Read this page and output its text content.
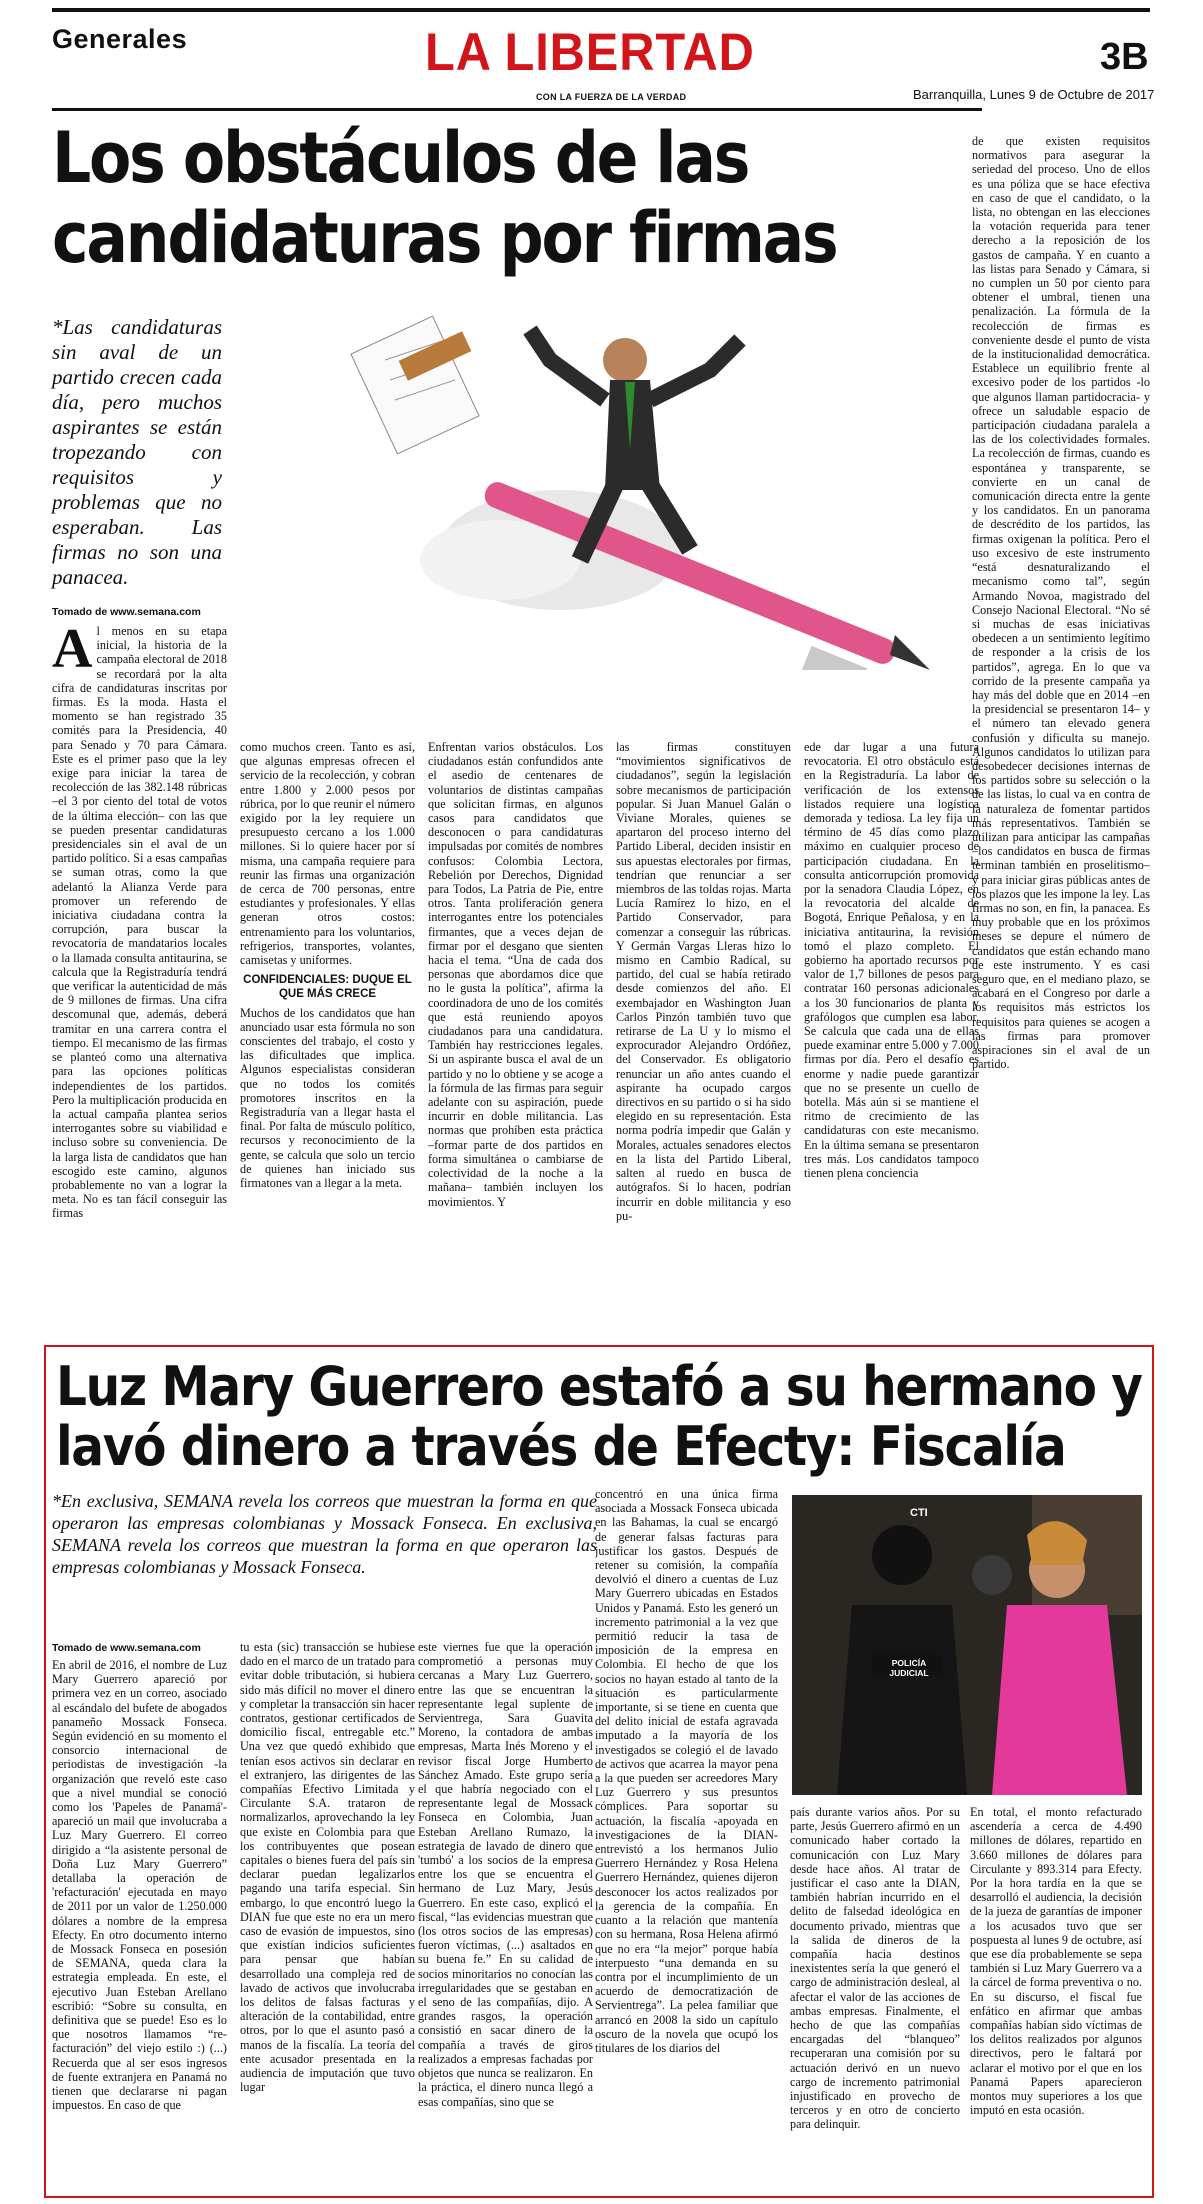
Generales	LA LIBERTAD
CON LA FUERZA DE LA VERDAD
3B
Barranquilla, Lunes 9 de Octubre de 2017
Los obstáculos de las
candidaturas por firmas
*Las candidaturas sin aval de un partido crecen cada día, pero muchos aspirantes se están tropezando con requisitos y problemas que no esperaban. Las firmas no son una panacea.
Tomado de www.semana.com
Al menos en su etapa inicial, la historia de la campaña electoral de 2018 se recordará por la alta cifra de candidaturas inscritas por firmas. Es la moda. Hasta el momento se han registrado 35 comités para la Presidencia, 40 para Senado y 70 para Cámara. Este es el primer paso que la ley exige para iniciar la tarea de recolección de las 382.148 rúbricas –el 3 por ciento del total de votos de la última elección– con las que se pueden presentar candidaturas presidenciales sin el aval de un partido político. Si a esas campañas se suman otras, como la que adelantó la Alianza Verde para promover un referendo de iniciativa ciudadana contra la corrupción, para buscar la revocatoria de mandatarios locales o la llamada consulta antitaurina, se calcula que la Registraduría tendrá que verificar la autenticidad de más de 9 millones de firmas. Una cifra descomunal que, además, deberá tramitar en una carrera contra el tiempo. El mecanismo de las firmas se planteó como una alternativa para las opciones políticas independientes de los partidos. Pero la multiplicación producida en la actual campaña plantea serios interrogantes sobre su viabilidad e incluso sobre su conveniencia. De la larga lista de candidatos que han escogido este camino, algunos probablemente no van a lograr la meta. No es tan fácil conseguir las firmas

como muchos creen. Tanto es así, que algunas empresas ofrecen el servicio de la recolección, y cobran entre 1.800 y 2.000 pesos por rúbrica, por lo que reunir el número exigido por la ley requiere un presupuesto cercano a los 1.000 millones. Si lo quiere hacer por sí misma, una campaña requiere para reunir las firmas una organización de cerca de 700 personas, entre estudiantes y profesionales. Y ellas generan otros costos: entrenamiento para los voluntarios, refrigerios, transportes, volantes, camisetas y uniformes.

CONFIDENCIALES: DUQUE EL QUE MÁS CRECE

Muchos de los candidatos que han anunciado usar esta fórmula no son conscientes del trabajo, el costo y las dificultades que implica. Algunos especialistas consideran que no todos los comités promotores inscritos en la Registraduría van a llegar hasta el final. Por falta de músculo político, recursos y reconocimiento de la gente, se calcula que solo un tercio de quienes han iniciado sus firmatones van a llegar a la meta.

Enfrentan varios obstáculos. Los ciudadanos están confundidos ante el asedio de centenares de voluntarios de distintas campañas que solicitan firmas, en algunos casos para candidatos que desconocen o para candidaturas impulsadas por comités de nombres confusos: Colombia Lectora, Rebelión por Derechos, Dignidad para Todos, La Patria de Pie, entre otros. Tanta proliferación genera interrogantes entre los potenciales firmantes, que a veces dejan de firmar por el desgano que sienten hacia el tema. “Una de cada dos personas que abordamos dice que no le gusta la política”, afirma la coordinadora de uno de los comités que está reuniendo apoyos ciudadanos para una candidatura. También hay restricciones legales. Si un aspirante busca el aval de un partido y no lo obtiene y se acoge a la fórmula de las firmas para seguir adelante con su aspiración, puede incurrir en doble militancia. Las normas que prohíben esta práctica –formar parte de dos partidos en forma simultánea o cambiarse de colectividad de la noche a la mañana– también incluyen los movimientos. Y
las firmas constituyen “movimientos significativos de ciudadanos”, según la legislación sobre mecanismos de participación popular. Si Juan Manuel Galán o Viviane Morales, quienes se apartaron del proceso interno del Partido Liberal, deciden insistir en sus apuestas electorales por firmas, tendrían que renunciar a ser miembros de las toldas rojas. Marta Lucía Ramírez lo hizo, en el Partido Conservador, para comenzar a conseguir las rúbricas. Y Germán Vargas Lleras hizo lo mismo en Cambio Radical, su partido, del cual se había retirado desde comienzos del año. El exembajador en Washington Juan Carlos Pinzón también tuvo que retirarse de La U y lo mismo el exprocurador Alejandro Ordóñez, del Conservador. Es obligatorio renunciar un año antes cuando el aspirante ha ocupado cargos directivos en su partido o si ha sido elegido en su representación. Esta norma podría impedir que Galán y Morales, actuales senadores electos en la lista del Partido Liberal, salten al ruedo en busca de autógrafos. Si lo hacen, podrían incurrir en doble militancia y eso pu-
ede dar lugar a una futura revocatoria. El otro obstáculo está en la Registraduría. La labor de verificación de los extensos listados requiere una logística demorada y tediosa. La ley fija un término de 45 días como plazo máximo en cualquier proceso de participación ciudadana. En la consulta anticorrupción promovida por la senadora Claudia López, en la revocatoria del alcalde de Bogotá, Enrique Peñalosa, y en la iniciativa antitaurina, la revisión tomó el plazo completo. El gobierno ha aportado recursos por valor de 1,7 billones de pesos para contratar 160 personas adicionales a los 30 funcionarios de planta y grafólogos que cumplen esa labor. Se calcula que cada una de ellas puede examinar entre 5.000 y 7.000 firmas por día. Pero el desafío es enorme y nadie puede garantizar que no se presente un cuello de botella. Más aún si se mantiene el ritmo de crecimiento de las candidaturas con este mecanismo. En la última semana se presentaron tres más. Los candidatos tampoco tienen plena conciencia
de que existen requisitos normativos para asegurar la seriedad del proceso. Uno de ellos es una póliza que se hace efectiva en caso de que el candidato, o la lista, no obtengan en las elecciones la votación requerida para tener derecho a la reposición de los gastos de campaña. Y en cuanto a las listas para Senado y Cámara, si no cumplen un 50 por ciento para obtener el umbral, tienen una penalización. La fórmula de la recolección de firmas es conveniente desde el punto de vista de la institucionalidad democrática. Establece un equilibrio frente al excesivo poder de los partidos -lo que algunos llaman partidocracia- y ofrece un saludable espacio de participación ciudadana paralela a las de los colectividades formales. La recolección de firmas, cuando es espontánea y transparente, se convierte en un canal de comunicación directa entre la gente y los candidatos. En un panorama de descrédito de los partidos, las firmas oxigenan la política. Pero el uso excesivo de este instrumento “está desnaturalizando el mecanismo como tal”, según Armando Novoa, magistrado del Consejo Nacional Electoral. “No sé si muchas de esas iniciativas obedecen a un sentimiento legítimo de responder a la crisis de los partidos”, agrega. En lo que va corrido de la presente campaña ya hay más del doble que en 2014 –en la presidencial se presentaron 14– y el número tan elevado genera confusión y dificulta su manejo. Algunos candidatos lo utilizan para desobedecer decisiones internas de los partidos sobre su selección o la de las listas, lo cual va en contra de la naturaleza de fomentar partidos más representativos. También se utilizan para anticipar las campañas –los candidatos en busca de firmas terminan también en proselitismo– y para iniciar giras públicas antes de los plazos que les impone la ley. Las firmas no son, en fin, la panacea. Es muy probable que en los próximos meses se depure el número de candidatos que están echando mano de este instrumento. Y es casi seguro que, en el mediano plazo, se acabará en el Congreso por darle a los requisitos más estrictos los requisitos para quienes se acogen a las firmas para promover aspiraciones sin el aval de un partido.
Luz Mary Guerrero estafó a su hermano y
lavó dinero a través de Efecty: Fiscalía
*En exclusiva, SEMANA revela los correos que muestran la forma en que operaron las empresas colombianas y Mossack Fonseca. En exclusiva, SEMANA revela los correos que muestran la forma en que operaron las empresas colombianas y Mossack Fonseca.
concentró en una única firma asociada a Mossack Fonseca ubicada en las Bahamas, la cual se encargó de generar falsas facturas para justificar los gastos. Después de retener su comisión, la compañía devolvió el dinero a cuentas de Luz Mary Guerrero ubicadas en Estados Unidos y Panamá. Esto les generó un incremento patrimonial a la vez que permitió reducir la tasa de imposición de la empresa en Colombia. El hecho de que los socios no hayan estado al tanto de la situación es particularmente importante, si se tiene en cuenta que del delito inicial de estafa agravada imputado a la mayoría de los investigados se colegió el de lavado de activos que acarrea la mayor pena a la que pueden ser acreedores Mary Luz Guerrero y sus presuntos cómplices. Para soportar su actuación, la fiscalía -apoyada en investigaciones de la DIAN- entrevistó a los hermanos Julio Guerrero Hernández y Rosa Helena Guerrero Hernández, quienes dijeron desconocer los actos realizados por la gerencia de la compañía. En cuanto a la relación que mantenía con su hermana, Rosa Helena afirmó que no era “la mejor” porque había interpuesto “una demanda en su contra por el incumplimiento de un acuerdo de democratización de Servientrega”. La pelea familiar que arrancó en 2008 la sido un capítulo oscuro de la novela que ocupó los titulares de los diarios del
CTI
POLICÍA JUDICIAL
Tomado de www.semana.com
En abril de 2016, el nombre de Luz Mary Guerrero apareció por primera vez en un correo, asociado al escándalo del bufete de abogados panameño Mossack Fonseca. Según evidenció en su momento el consorcio internacional de periodistas de investigación -la organización que reveló este caso que a nivel mundial se conoció como los 'Papeles de Panamá'- apareció un mail que involucraba a Luz Mary Guerrero. El correo dirigido a “la asistente personal de Doña Luz Mary Guerrero” detallaba la operación de 'refacturación' ejecutada en mayo de 2011 por un valor de 1.250.000 dólares a nombre de la empresa Efecty. En otro documento interno de Mossack Fonseca en posesión de SEMANA, queda clara la estrategia empleada. En este, el ejecutivo Juan Esteban Arellano escribió: “Sobre su consulta, en definitiva que se puede! Eso es lo que nosotros llamamos “re-facturación” del viejo estilo :) (...) Recuerda que al ser esos ingresos de fuente extranjera en Panamá no tienen que declararse ni pagan impuestos. En caso de que
tu esta (sic) transacción se hubiese dado en el marco de un tratado para evitar doble tributación, si hubiera sido más difícil no mover el dinero y completar la transacción sin hacer contratos, gestionar certificados de domicilio fiscal, entregable etc.” Una vez que quedó exhibido que tenían esos activos sin declarar en el extranjero, las dirigentes de las compañías Efectivo Limitada y Circulante S.A. trataron de normalizarlos, aprovechando la ley que existe en Colombia para que los contribuyentes que posean capitales o bienes fuera del país sin declarar puedan legalizarlos pagando una tarifa especial. Sin embargo, lo que encontró luego la DIAN fue que este no era un mero caso de evasión de impuestos, sino que existían indicios suficientes para pensar que habían desarrollado una compleja red de lavado de activos que involucraba los delitos de falsas facturas y alteración de la contabilidad, entre otros, por lo que el asunto pasó a manos de la fiscalía. La teoría del ente acusador presentada en la audiencia de imputación que tuvo lugar
este viernes fue que la operación comprometió a personas muy cercanas a Mary Luz Guerrero, entre las que se encuentran la representante legal suplente de Servientrega, Sara Guavita Moreno, la contadora de ambas empresas, Marta Inés Moreno y el revisor fiscal Jorge Humberto Sánchez Amado. Este grupo sería el que habría negociado con el representante legal de Mossack Fonseca en Colombia, Juan Esteban Arellano Rumazo, la estrategia de lavado de dinero que 'tumbó' a los socios de la empresa entre los que se encuentra el hermano de Luz Mary, Jesús Guerrero. En este caso, explicó el fiscal, “las evidencias muestran que (los otros socios de las empresas) fueron víctimas, (...) asaltados en su buena fe.” En su calidad de socios minoritarios no conocían las irregularidades que se gestaban en el seno de las compañías, dijo. A grandes rasgos, la operación consistió en sacar dinero de la compañía a través de giros realizados a empresas fachadas por objetos que nunca se realizaron. En la práctica, el dinero nunca llegó a esas compañías, sino que se
país durante varios años. Por su parte, Jesús Guerrero afirmó en un comunicado haber cortado la comunicación con Luz Mary desde hace años. Al tratar de justificar el caso ante la DIAN, también habrían incurrido en el delito de falsedad ideológica en documento privado, mientras que la salida de dineros de la compañía hacia destinos inexistentes sería la que generó el cargo de administración desleal, al afectar el valor de las acciones de ambas empresas. Finalmente, el hecho de que las compañías encargadas del “blanqueo” recuperaran una comisión por su actuación derivó en un nuevo cargo de incremento patrimonial injustificado en provecho de terceros y en otro de concierto para delinquir.
En total, el monto refacturado ascendería a cerca de 4.490 millones de dólares, repartido en 3.660 millones de dólares para Circulante y 893.314 para Efecty. Por la hora tardía en la que se desarrolló el audiencia, la decisión de la jueza de garantías de imponer a los acusados tuvo que ser pospuesta al lunes 9 de octubre, así que ese día probablemente se sepa también si Luz Mary Guerrero va a la cárcel de forma preventiva o no. En su discurso, el fiscal fue enfático en afirmar que ambas compañías habían sido víctimas de los delitos realizados por algunos directivos, pero le faltará por aclarar el motivo por el que en los Panamá Papers aparecieron montos muy superiores a los que imputó en esta ocasión.
